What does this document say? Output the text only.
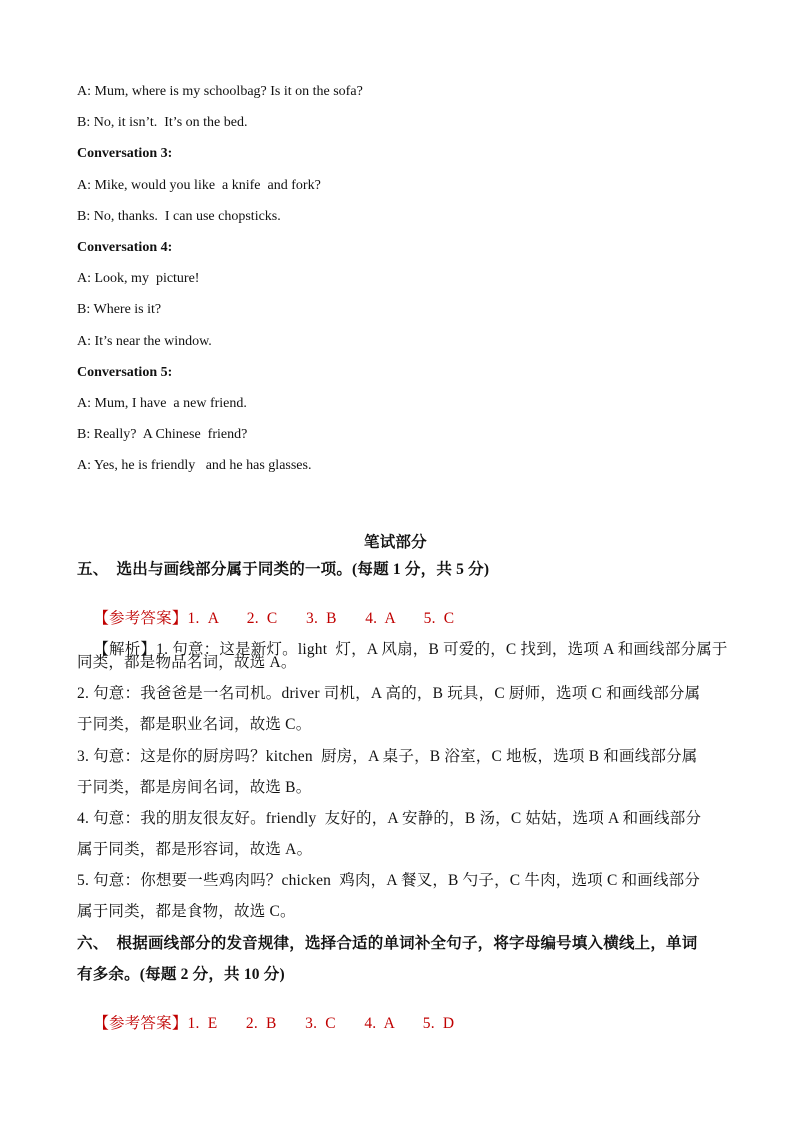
A: Mum, where is my schoolbag? Is it on the sofa?
B: No, it isn’t.  It’s on the bed.
Conversation 3:
A: Mike, would you like  a knife  and fork?
B: No, thanks.  I can use chopsticks.
Conversation 4:
A: Look, my  picture!
B: Where is it?
A: It’s near the window.
Conversation 5:
A: Mum, I have  a new friend.
B: Really?  A Chinese  friend?
A: Yes, he is friendly   and he has glasses.
笔试部分
五、  选出与画线部分属于同类的一项。(每题 1 分，共 5 分)

【参考答案】1.  A       2.  C       3.  B       4.  A       5.  C

【解析】1. 句意：这是新灯。light  灯，A 风扇，B 可爱的，C 找到，选项 A 和画线部分属于

同类，都是物品名词，故选 A。
2. 句意：我爸爸是一名司机。driver 司机，A 高的，B 玩具，C 厨师，选项 C 和画线部分属
于同类，都是职业名词，故选 C。
3. 句意：这是你的厨房吗？kitchen  厨房，A 桌子，B 浴室，C 地板，选项 B 和画线部分属
于同类，都是房间名词，故选 B。
4. 句意：我的朋友很友好。friendly  友好的，A 安静的，B 汤，C 姑姑，选项 A 和画线部分
属于同类，都是形容词，故选 A。
5. 句意：你想要一些鸡肉吗？chicken  鸡肉，A 餐叉，B 勺子，C 牛肉，选项 C 和画线部分
属于同类，都是食物，故选 C。
六、  根据画线部分的发音规律，选择合适的单词补全句子，将字母编号填入横线上，单词
有多余。(每题 2 分，共 10 分)

【参考答案】1.  E       2.  B       3.  C       4.  A       5.  D
